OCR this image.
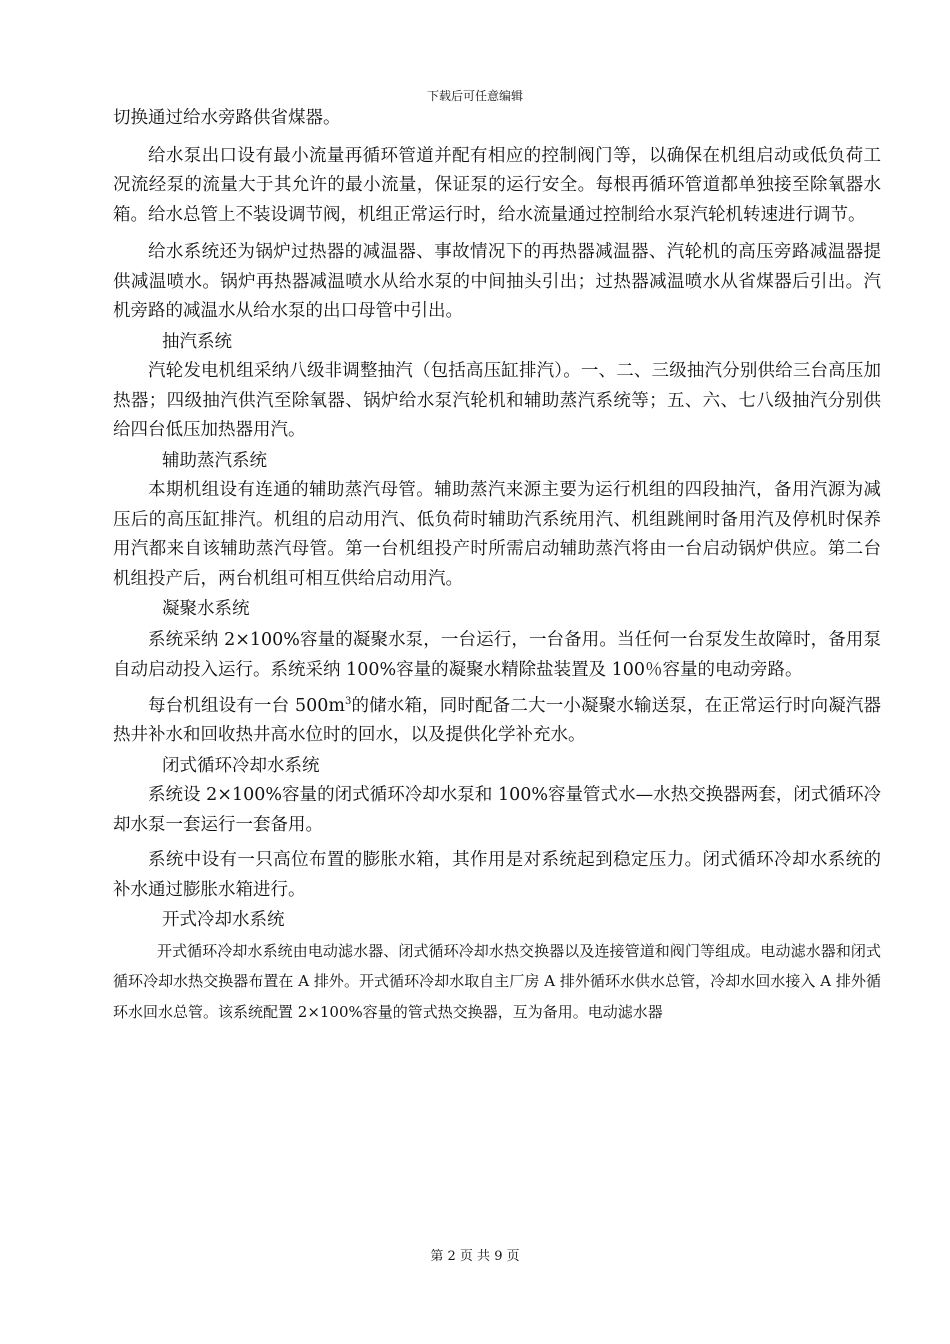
下载后可任意编辑

切换通过给水旁路供省煤器。

给水泵出口设有最小流量再循环管道并配有相应的控制阀门等，以确保在机组启动或低负荷工况流经泵的流量大于其允许的最小流量，保证泵的运行安全。每根再循环管道都单独接至除氧器水箱。给水总管上不装设调节阀，机组正常运行时，给水流量通过控制给水泵汽轮机转速进行调节。

给水系统还为锅炉过热器的减温器、事故情况下的再热器减温器、汽轮机的高压旁路减温器提供减温喷水。锅炉再热器减温喷水从给水泵的中间抽头引出；过热器减温喷水从省煤器后引出。汽机旁路的减温水从给水泵的出口母管中引出。

抽汽系统

汽轮发电机组采纳八级非调整抽汽（包括高压缸排汽）。一、二、三级抽汽分别供给三台高压加热器；四级抽汽供汽至除氧器、锅炉给水泵汽轮机和辅助蒸汽系统等；五、六、七八级抽汽分别供给四台低压加热器用汽。

辅助蒸汽系统

本期机组设有连通的辅助蒸汽母管。辅助蒸汽来源主要为运行机组的四段抽汽，备用汽源为减压后的高压缸排汽。机组的启动用汽、低负荷时辅助汽系统用汽、机组跳闸时备用汽及停机时保养用汽都来自该辅助蒸汽母管。第一台机组投产时所需启动辅助蒸汽将由一台启动锅炉供应。第二台机组投产后，两台机组可相互供给启动用汽。

凝聚水系统

系统采纳 2×100%容量的凝聚水泵，一台运行，一台备用。当任何一台泵发生故障时，备用泵自动启动投入运行。系统采纳 100%容量的凝聚水精除盐装置及 100％容量的电动旁路。

每台机组设有一台 $500m^3$的储水箱，同时配备二大一小凝聚水输送泵，在正常运行时向凝汽器热井补水和回收热井高水位时的回水，以及提供化学补充水。

闭式循环冷却水系统

系统设 2×100%容量的闭式循环冷却水泵和 100%容量管式水—水热交换器两套，闭式循环冷却水泵一套运行一套备用。

系统中设有一只高位布置的膨胀水箱，其作用是对系统起到稳定压力。闭式循环冷却水系统的补水通过膨胀水箱进行。

开式冷却水系统

开式循环冷却水系统由电动滤水器、闭式循环冷却水热交换器以及连接管道和阀门等组成。电动滤水器和闭式循环冷却水热交换器布置在 A 排外。开式循环冷却水取自主厂房 A 排外循环水供水总管，冷却水回水接入 A 排外循环水回水总管。该系统配置 2×100%容量的管式热交换器，互为备用。电动滤水器

第 2 页 共 9 页
